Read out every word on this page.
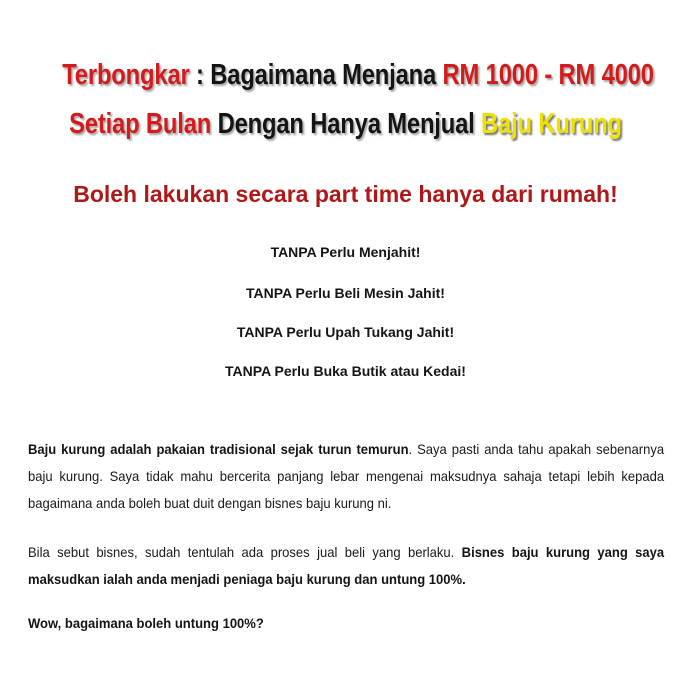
Terbongkar : Bagaimana Menjana RM 1000 - RM 4000
Setiap Bulan Dengan Hanya Menjual Baju Kurung
Boleh lakukan secara part time hanya dari rumah!
TANPA Perlu Menjahit!
TANPA Perlu Beli Mesin Jahit!
TANPA Perlu Upah Tukang Jahit!
TANPA Perlu Buka Butik atau Kedai!
Baju kurung adalah pakaian tradisional sejak turun temurun. Saya pasti anda tahu apakah sebenarnya baju kurung. Saya tidak mahu bercerita panjang lebar mengenai maksudnya sahaja tetapi lebih kepada bagaimana anda boleh buat duit dengan bisnes baju kurung ni.
Bila sebut bisnes, sudah tentulah ada proses jual beli yang berlaku. Bisnes baju kurung yang saya maksudkan ialah anda menjadi peniaga baju kurung dan untung 100%.
Wow, bagaimana boleh untung 100%?
